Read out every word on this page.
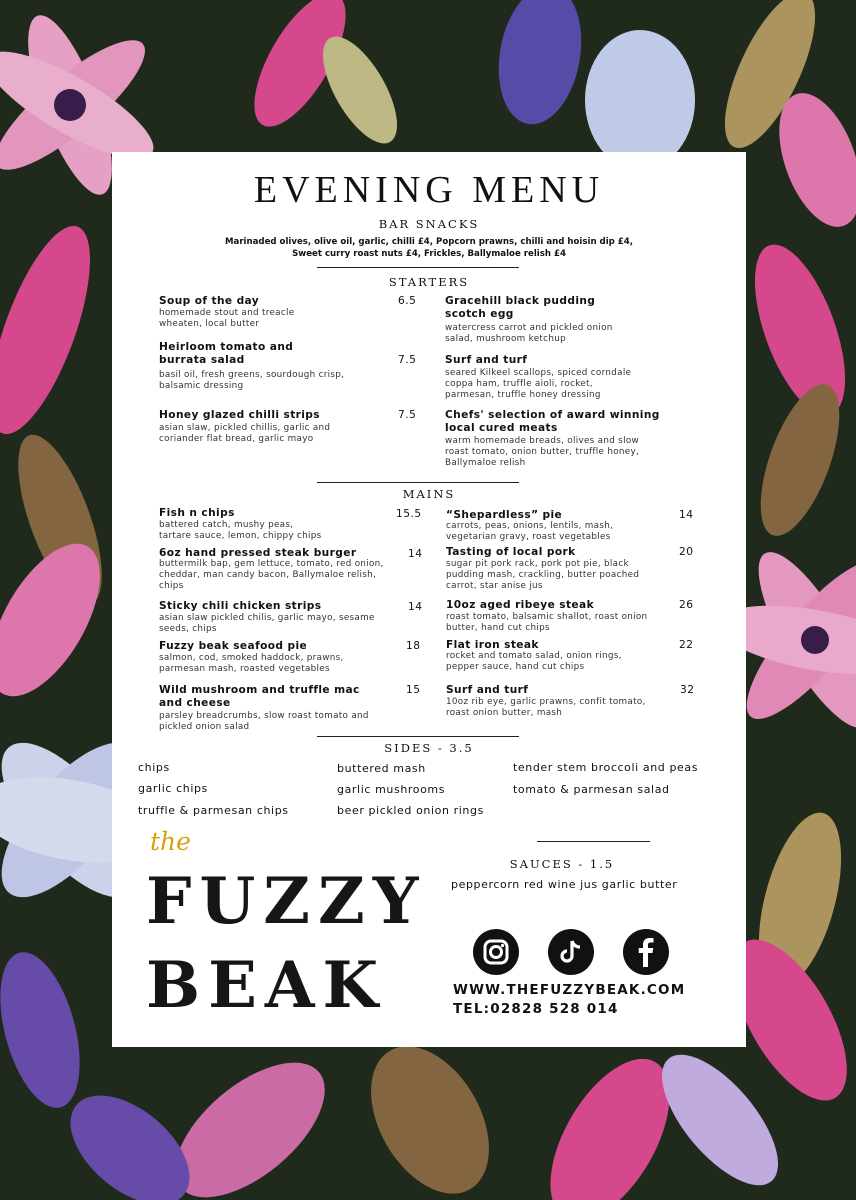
EVENING MENU
BAR SNACKS
Marinaded olives, olive oil, garlic, chilli £4, Popcorn prawns, chilli and hoisin dip £4,
Sweet curry roast nuts £4, Frickles, Ballymaloe relish £4
STARTERS
Soup of the day	6.5
homemade stout and treacle
wheaten, local butter
Heirloom tomato and
burrata salad	7.5
basil oil, fresh greens, sourdough crisp,
balsamic dressing
Honey glazed chilli strips	7.5
asian slaw, pickled chillis, garlic and
coriander flat bread, garlic mayo
Gracehill black pudding
scotch egg
watercress carrot and pickled onion
salad, mushroom ketchup
Surf and turf
seared Kilkeel scallops, spiced corndale
coppa ham, truffle aioli, rocket,
parmesan, truffle honey dressing
Chefs' selection of award winning
local cured meats
warm homemade breads, olives and slow
roast tomato, onion butter, truffle honey,
Ballymaloe relish
MAINS
Fish n chips	15.5
battered catch, mushy peas,
tartare sauce, lemon, chippy chips
6oz hand pressed steak burger	14
buttermilk bap, gem lettuce, tomato, red onion,
cheddar, man candy bacon, Ballymaloe relish,
chips
Sticky chili chicken strips	14
asian slaw pickled chilis, garlic mayo, sesame
seeds, chips
Fuzzy beak seafood pie	18
salmon, cod, smoked haddock, prawns,
parmesan mash, roasted vegetables
Wild mushroom and truffle mac
and cheese
15
parsley breadcrumbs, slow roast tomato and
pickled onion salad
“Shepardless” pie	14
carrots, peas, onions, lentils, mash,
vegetarian gravy, roast vegetables
Tasting of local pork	20
sugar pit pork rack, pork pot pie, black
pudding mash, crackling, butter poached
carrot, star anise jus
10oz aged ribeye steak	26
roast tomato, balsamic shallot, roast onion
butter, hand cut chips
Flat iron steak	22
rocket and tomato salad, onion rings,
pepper sauce, hand cut chips
Surf and turf	32
10oz rib eye, garlic prawns, confit tomato,
roast onion butter, mash
SIDES - 3.5
chips
garlic chips
truffle & parmesan chips
buttered mash
garlic mushrooms
beer pickled onion rings
tender stem broccoli and peas
tomato & parmesan salad
the
FUZZY
BEAK
SAUCES - 1.5
peppercorn red wine jus garlic butter
WWW.THEFUZZYBEAK.COM
TEL:02828 528 014
